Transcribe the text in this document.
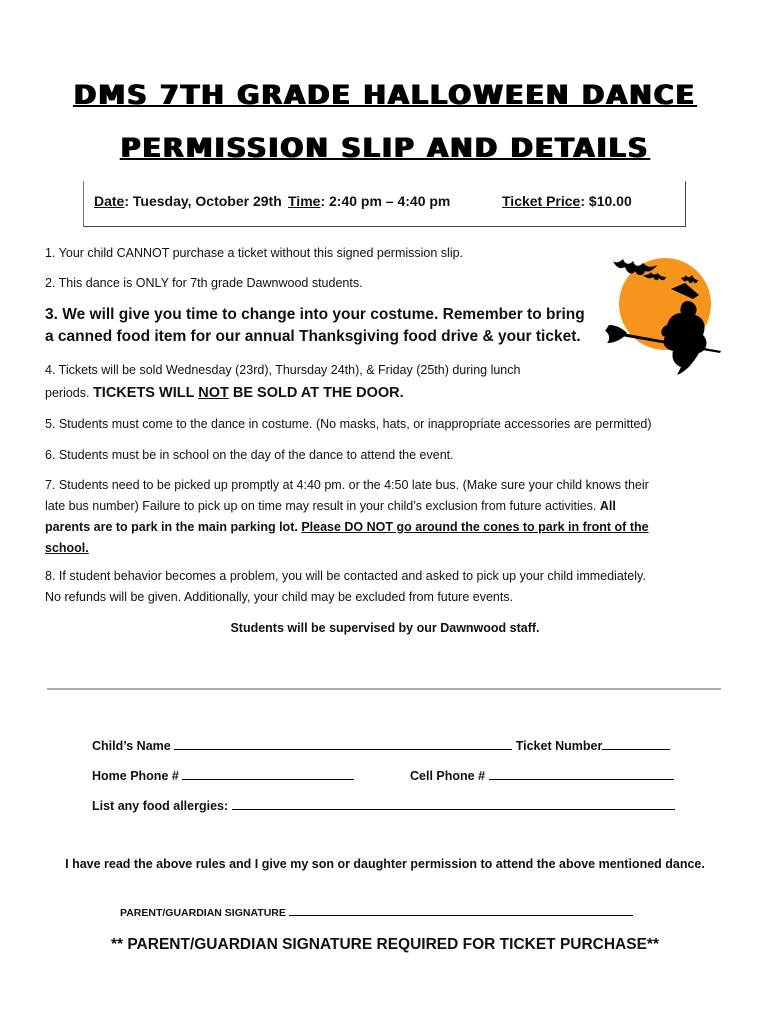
DMS 7TH GRADE HALLOWEEN DANCE
PERMISSION SLIP AND DETAILS
Date: Tuesday, October 29th Time: 2:40 pm – 4:40 pm	Ticket Price: $10.00
1. Your child CANNOT purchase a ticket without this signed permission slip.
2. This dance is ONLY for 7th grade Dawnwood students.
3. We will give you time to change into your costume. Remember to bring
a canned food item for our annual Thanksgiving food drive & your ticket.
4. Tickets will be sold Wednesday (23rd), Thursday 24th), & Friday (25th) during lunch
periods. TICKETS WILL NOT BE SOLD AT THE DOOR.
5. Students must come to the dance in costume. (No masks, hats, or inappropriate accessories are permitted)
6. Students must be in school on the day of the dance to attend the event.
7. Students need to be picked up promptly at 4:40 pm. or the 4:50 late bus. (Make sure your child knows their
late bus number) Failure to pick up on time may result in your child’s exclusion from future activities. All
parents are to park in the main parking lot. Please DO NOT go around the cones to park in front of the
school.
8. If student behavior becomes a problem, you will be contacted and asked to pick up your child immediately.
No refunds will be given. Additionally, your child may be excluded from future events.
Students will be supervised by our Dawnwood staff.
Child’s Name	Ticket Number
Home Phone #	Cell Phone #
List any food allergies:
I have read the above rules and I give my son or daughter permission to attend the above mentioned dance.
PARENT/GUARDIAN SIGNATURE
** PARENT/GUARDIAN SIGNATURE REQUIRED FOR TICKET PURCHASE**
